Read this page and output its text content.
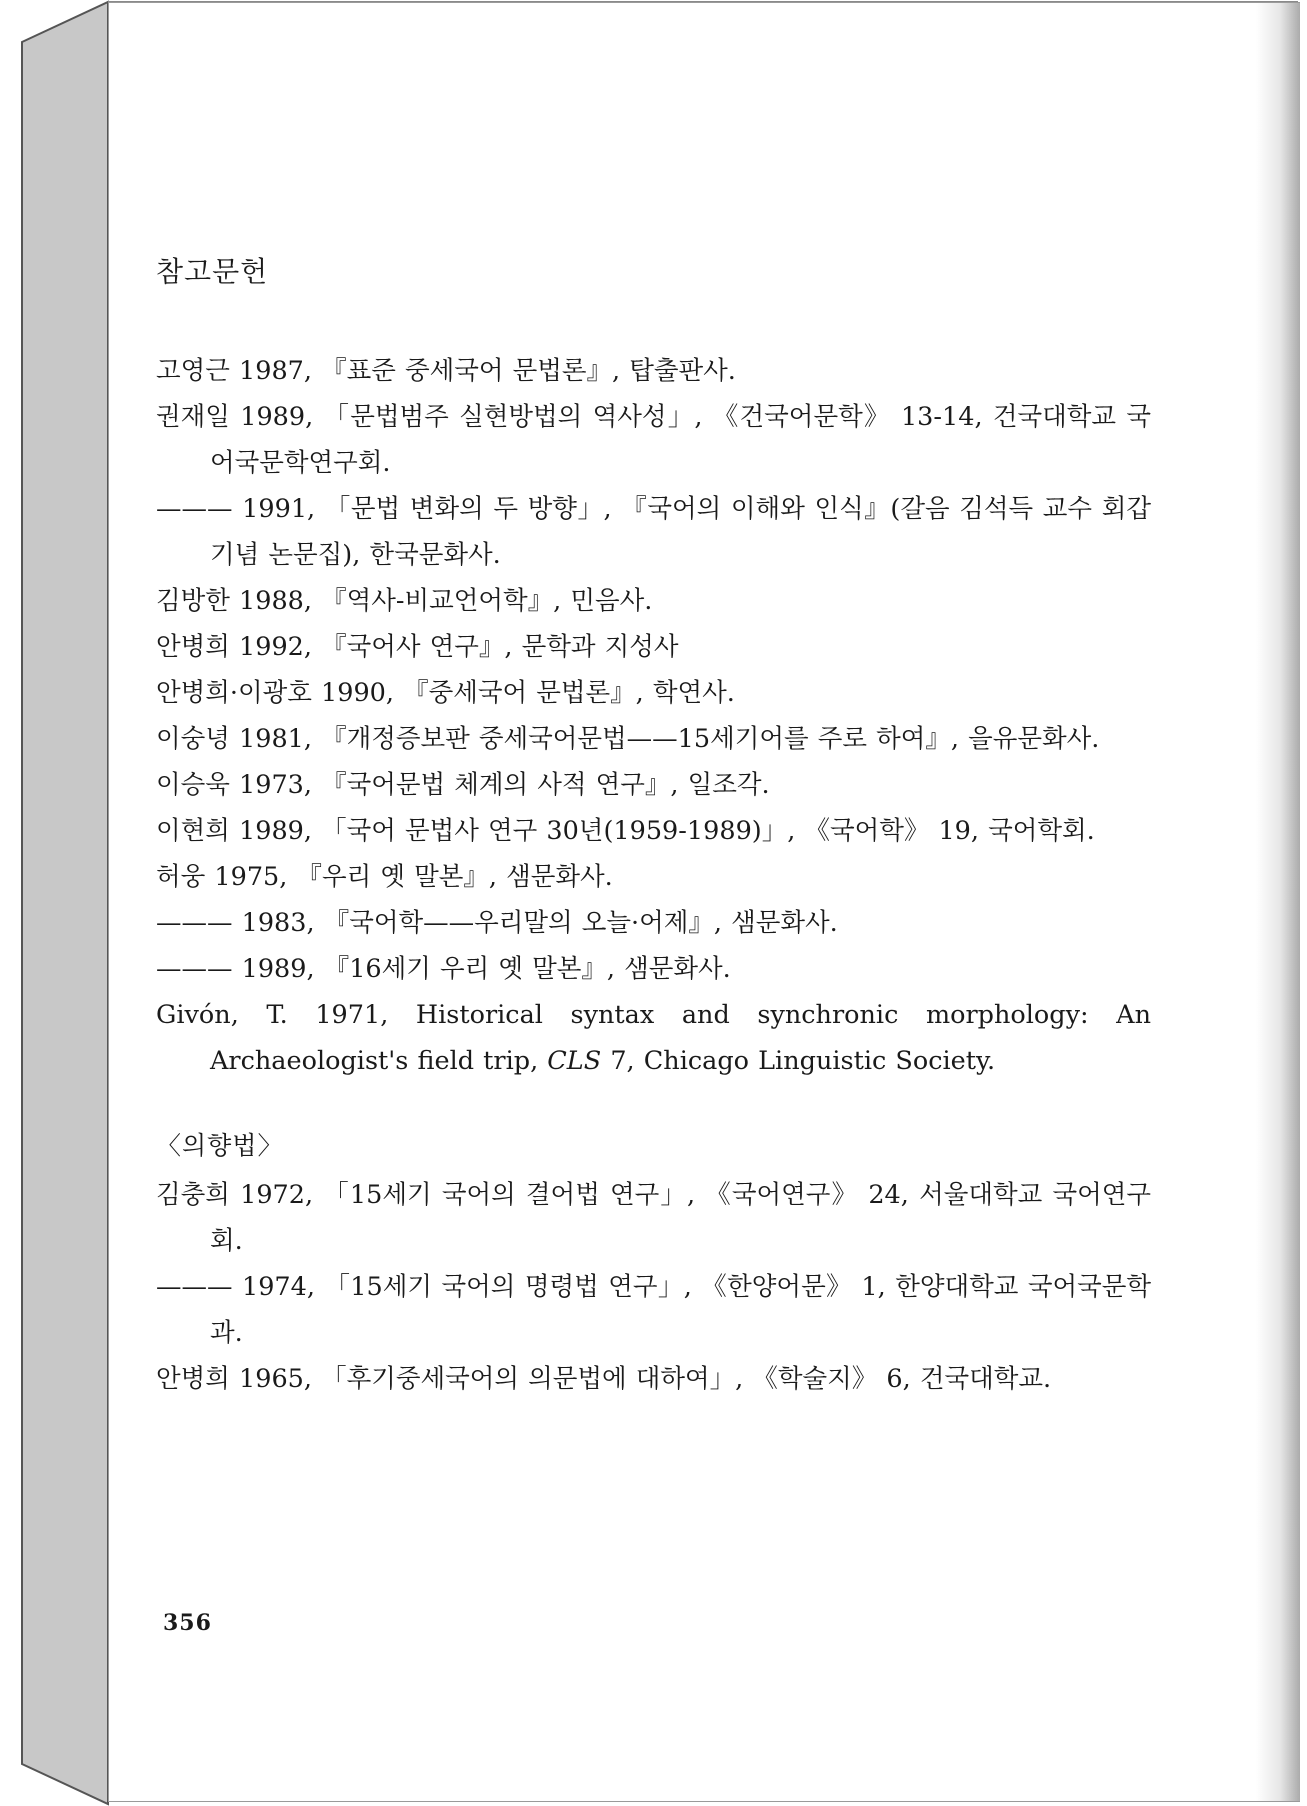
참고문헌

고영근 1987, 『표준 중세국어 문법론』, 탑출판사.

권재일 1989, 「문법범주 실현방법의 역사성」, 《건국어문학》 13-14, 건국대학교 국어국문학연구회.

——— 1991, 「문법 변화의 두 방향」, 『국어의 이해와 인식』(갈음 김석득 교수 회갑기념 논문집), 한국문화사.

김방한 1988, 『역사-비교언어학』, 민음사.

안병희 1992, 『국어사 연구』, 문학과 지성사

안병희·이광호 1990, 『중세국어 문법론』, 학연사.

이숭녕 1981, 『개정증보판 중세국어문법——15세기어를 주로 하여』, 을유문화사.

이승욱 1973, 『국어문법 체계의 사적 연구』, 일조각.

이현희 1989, 「국어 문법사 연구 30년(1959-1989)」, 《국어학》 19, 국어학회.

허웅 1975, 『우리 옛 말본』, 샘문화사.

——— 1983, 『국어학——우리말의 오늘·어제』, 샘문화사.

——— 1989, 『16세기 우리 옛 말본』, 샘문화사.

Givón, T. 1971, Historical syntax and synchronic morphology: An Archaeologist's field trip, CLS 7, Chicago Linguistic Society.

〈의향법〉

김충희 1972, 「15세기 국어의 결어법 연구」, 《국어연구》 24, 서울대학교 국어연구회.

——— 1974, 「15세기 국어의 명령법 연구」, 《한양어문》 1, 한양대학교 국어국문학과.

안병희 1965, 「후기중세국어의 의문법에 대하여」, 《학술지》 6, 건국대학교.

356
